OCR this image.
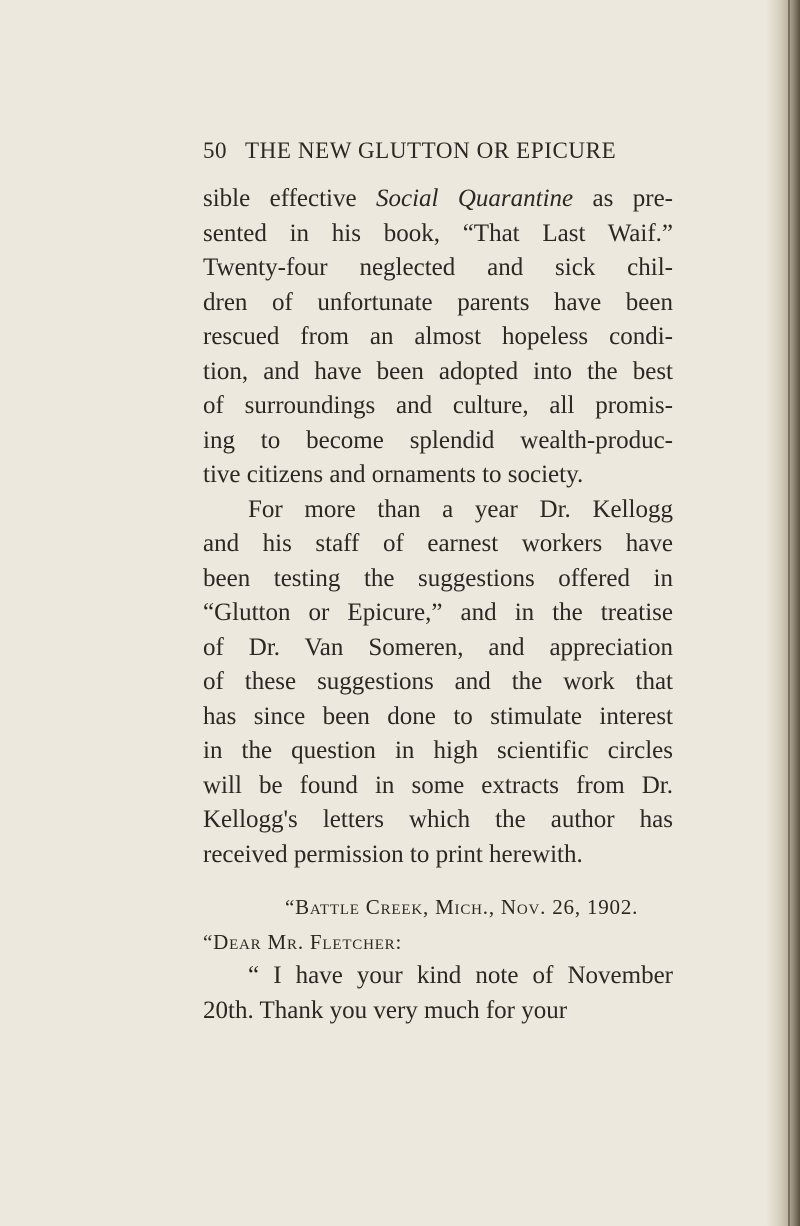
50 THE NEW GLUTTON OR EPICURE
sible effective Social Quarantine as pre-
sented in his book, “That Last Waif.”
Twenty-four neglected and sick chil-
dren of unfortunate parents have been
rescued from an almost hopeless condi-
tion, and have been adopted into the best
of surroundings and culture, all promis-
ing to become splendid wealth-produc-
tive citizens and ornaments to society.
For more than a year Dr. Kellogg
and his staff of earnest workers have
been testing the suggestions offered in
“Glutton or Epicure,” and in the treatise
of Dr. Van Someren, and appreciation
of these suggestions and the work that
has since been done to stimulate interest
in the question in high scientific circles
will be found in some extracts from Dr.
Kellogg's letters which the author has
received permission to print herewith.
“Battle Creek, Mich., Nov. 26, 1902.
“Dear Mr. Fletcher:
“ I have your kind note of November
20th. Thank you very much for your
